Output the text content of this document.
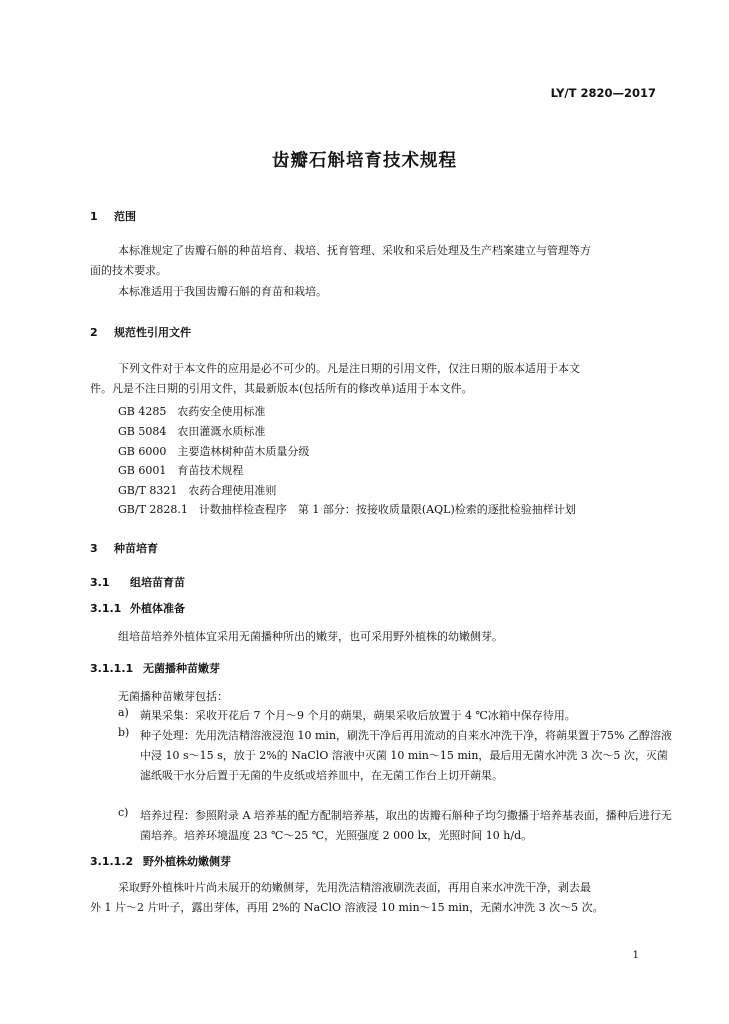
LY/T 2820—2017
齿瓣石斛培育技术规程
1 范围
本标准规定了齿瓣石斛的种苗培育、栽培、抚育管理、采收和采后处理及生产档案建立与管理等方
面的技术要求。
本标准适用于我国齿瓣石斛的育苗和栽培。
2 规范性引用文件
下列文件对于本文件的应用是必不可少的。凡是注日期的引用文件，仅注日期的版本适用于本文
件。凡是不注日期的引用文件，其最新版本(包括所有的修改单)适用于本文件。
GB 4285　农药安全使用标准
GB 5084　农田灌溉水质标准
GB 6000　主要造林树种苗木质量分级
GB 6001　育苗技术规程
GB/T 8321　农药合理使用准则
GB/T 2828.1　计数抽样检查程序　第 1 部分：按接收质量限(AQL)检索的逐批检验抽样计划
3 种苗培育
3.1 组培苗育苗
3.1.1 外植体准备
组培苗培养外植体宜采用无菌播种所出的嫩芽，也可采用野外植株的幼嫩侧芽。
3.1.1.1 无菌播种苗嫩芽
无菌播种苗嫩芽包括：
a) 蒴果采集：采收开花后 7 个月～9 个月的蒴果，蒴果采收后放置于 4 ℃冰箱中保存待用。
b) 种子处理：先用洗洁精溶液浸泡 10 min，刷洗干净后再用流动的自来水冲洗干净，将蒴果置于75% 乙醇溶液中浸 10 s～15 s，放于 2%的 NaClO 溶液中灭菌 10 min～15 min，最后用无菌水冲洗 3 次～5 次，灭菌滤纸吸干水分后置于无菌的牛皮纸或培养皿中，在无菌工作台上切开蒴果。
c) 培养过程：参照附录 A 培养基的配方配制培养基，取出的齿瓣石斛种子均匀撒播于培养基表面，播种后进行无菌培养。培养环境温度 23 ℃～25 ℃，光照强度 2 000 lx，光照时间 10 h/d。
3.1.1.2 野外植株幼嫩侧芽
采取野外植株叶片尚未展开的幼嫩侧芽，先用洗洁精溶液刷洗表面，再用自来水冲洗干净，剥去最
外 1 片～2 片叶子，露出芽体，再用 2%的 NaClO 溶液浸 10 min～15 min，无菌水冲洗 3 次～5 次。
1
